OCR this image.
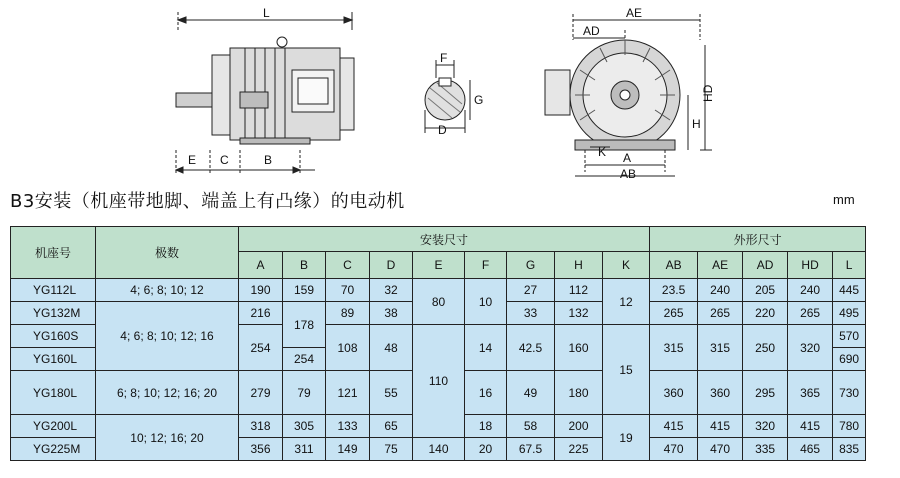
L
E C	B
F
G
D
AE
AD
HD
H
K A
AB
B3安装（机座带地脚、端盖上有凸缘）的电动机	mm
机座号	极数	安装尺寸									外形尺寸				
		A	B	C	D	E	F	G	H	K	AB	AE	AD	HD	L
YG112L	4; 6; 8; 10; 12	190	159	70	32	80	10	27	112	12	23.5	240	205	240	445
YG132M	4; 6; 8; 10; 12; 16	216	178	89	38			33	132		265	265	220	265	495
YG160S		254		108	48	110	14	42.5	160	15	315	315	250	320	570
YG160L			254												690
YG180L	6; 8; 10; 12; 16; 20	279	79	121	55		16	49	180		360	360	295	365	730
YG200L	10; 12; 16; 20	318	305	133	65		18	58	200	19	415	415	320	415	780
YG225M		356	311	149	75	140	20	67.5	225		470	470	335	465	835
